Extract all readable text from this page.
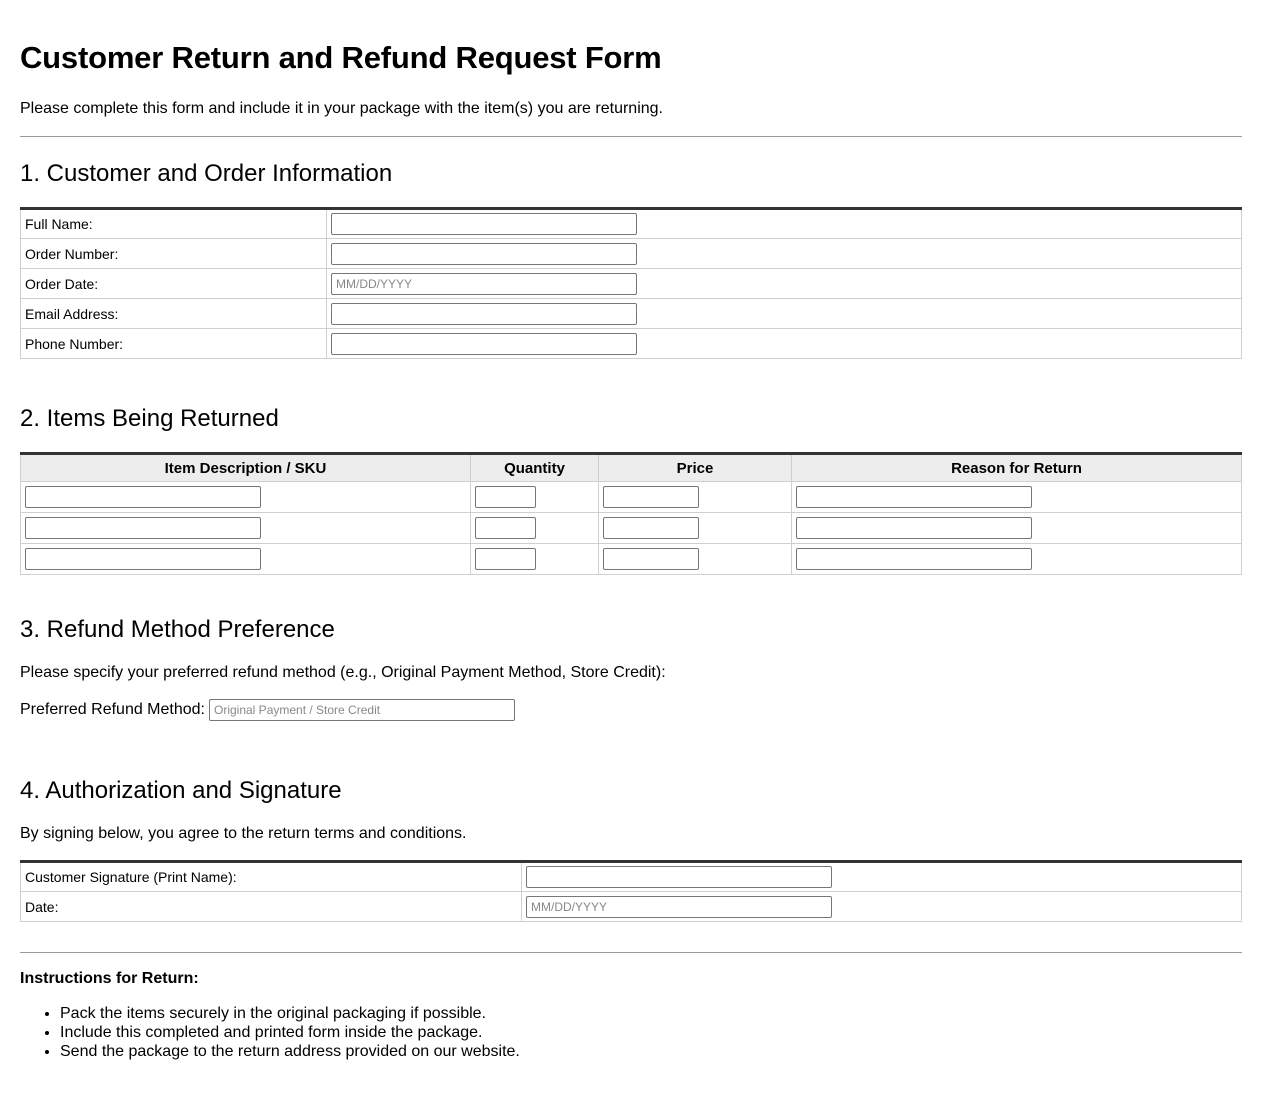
Customer Return and Refund Request Form
Please complete this form and include it in your package with the item(s) you are returning.
1. Customer and Order Information
Full Name:	
Order Number:	
Order Date:	MM/DD/YYYY
Email Address:	
Phone Number:	
2. Items Being Returned
Item Description / SKU	Quantity	Price	Reason for Return

3. Refund Method Preference
Please specify your preferred refund method (e.g., Original Payment Method, Store Credit):
Preferred Refund Method:
Original Payment / Store Credit
4. Authorization and Signature
By signing below, you agree to the return terms and conditions.
Customer Signature (Print Name):	
Date:	MM/DD/YYYY
Instructions for Return:
• Pack the items securely in the original packaging if possible.
• Include this completed and printed form inside the package.
• Send the package to the return address provided on our website.
